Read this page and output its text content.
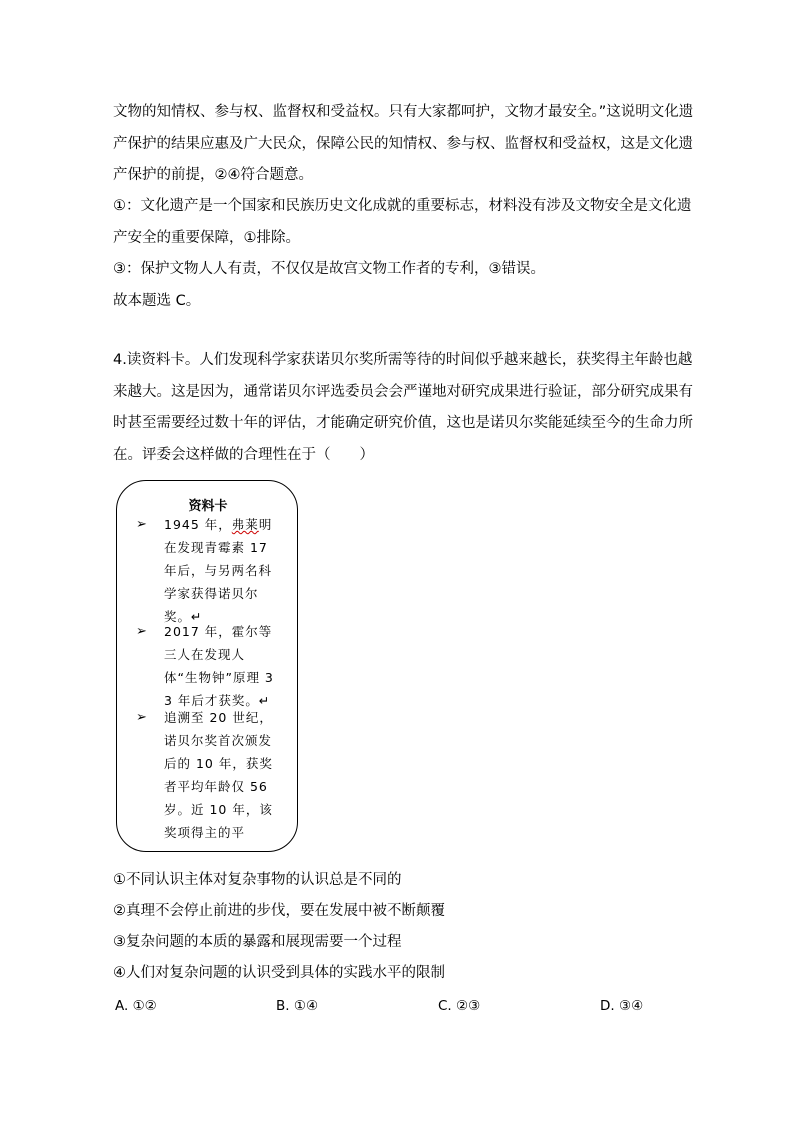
文物的知情权、参与权、监督权和受益权。只有大家都呵护，文物才最安全。”这说明文化遗产保护的结果应惠及广大民众，保障公民的知情权、参与权、监督权和受益权，这是文化遗产保护的前提，②④符合题意。

①：文化遗产是一个国家和民族历史文化成就的重要标志，材料没有涉及文物安全是文化遗产安全的重要保障，①排除。

③：保护文物人人有责，不仅仅是故宫文物工作者的专利，③错误。

故本题选 C。

4.读资料卡。人们发现科学家获诺贝尔奖所需等待的时间似乎越来越长，获奖得主年龄也越来越大。这是因为，通常诺贝尔评选委员会会严谨地对研究成果进行验证，部分研究成果有时甚至需要经过数十年的评估，才能确定研究价值，这也是诺贝尔奖能延续至今的生命力所在。评委会这样做的合理性在于（　　）

资料卡
➢ 1945 年，弗莱明在发现青霉素 17 年后，与另两名科学家获得诺贝尔奖。↵
➢ 2017 年，霍尔等三人在发现人体“生物钟”原理 33 年后才获奖。↵
➢ 追溯至 20 世纪，诺贝尔奖首次颁发后的 10 年，获奖者平均年龄仅 56 岁。近 10 年，该奖项得主的平
①不同认识主体对复杂事物的认识总是不同的
②真理不会停止前进的步伐，要在发展中被不断颠覆
③复杂问题的本质的暴露和展现需要一个过程
④人们对复杂问题的认识受到具体的实践水平的限制
A. ①②	B. ①④	C. ②③	D. ③④
